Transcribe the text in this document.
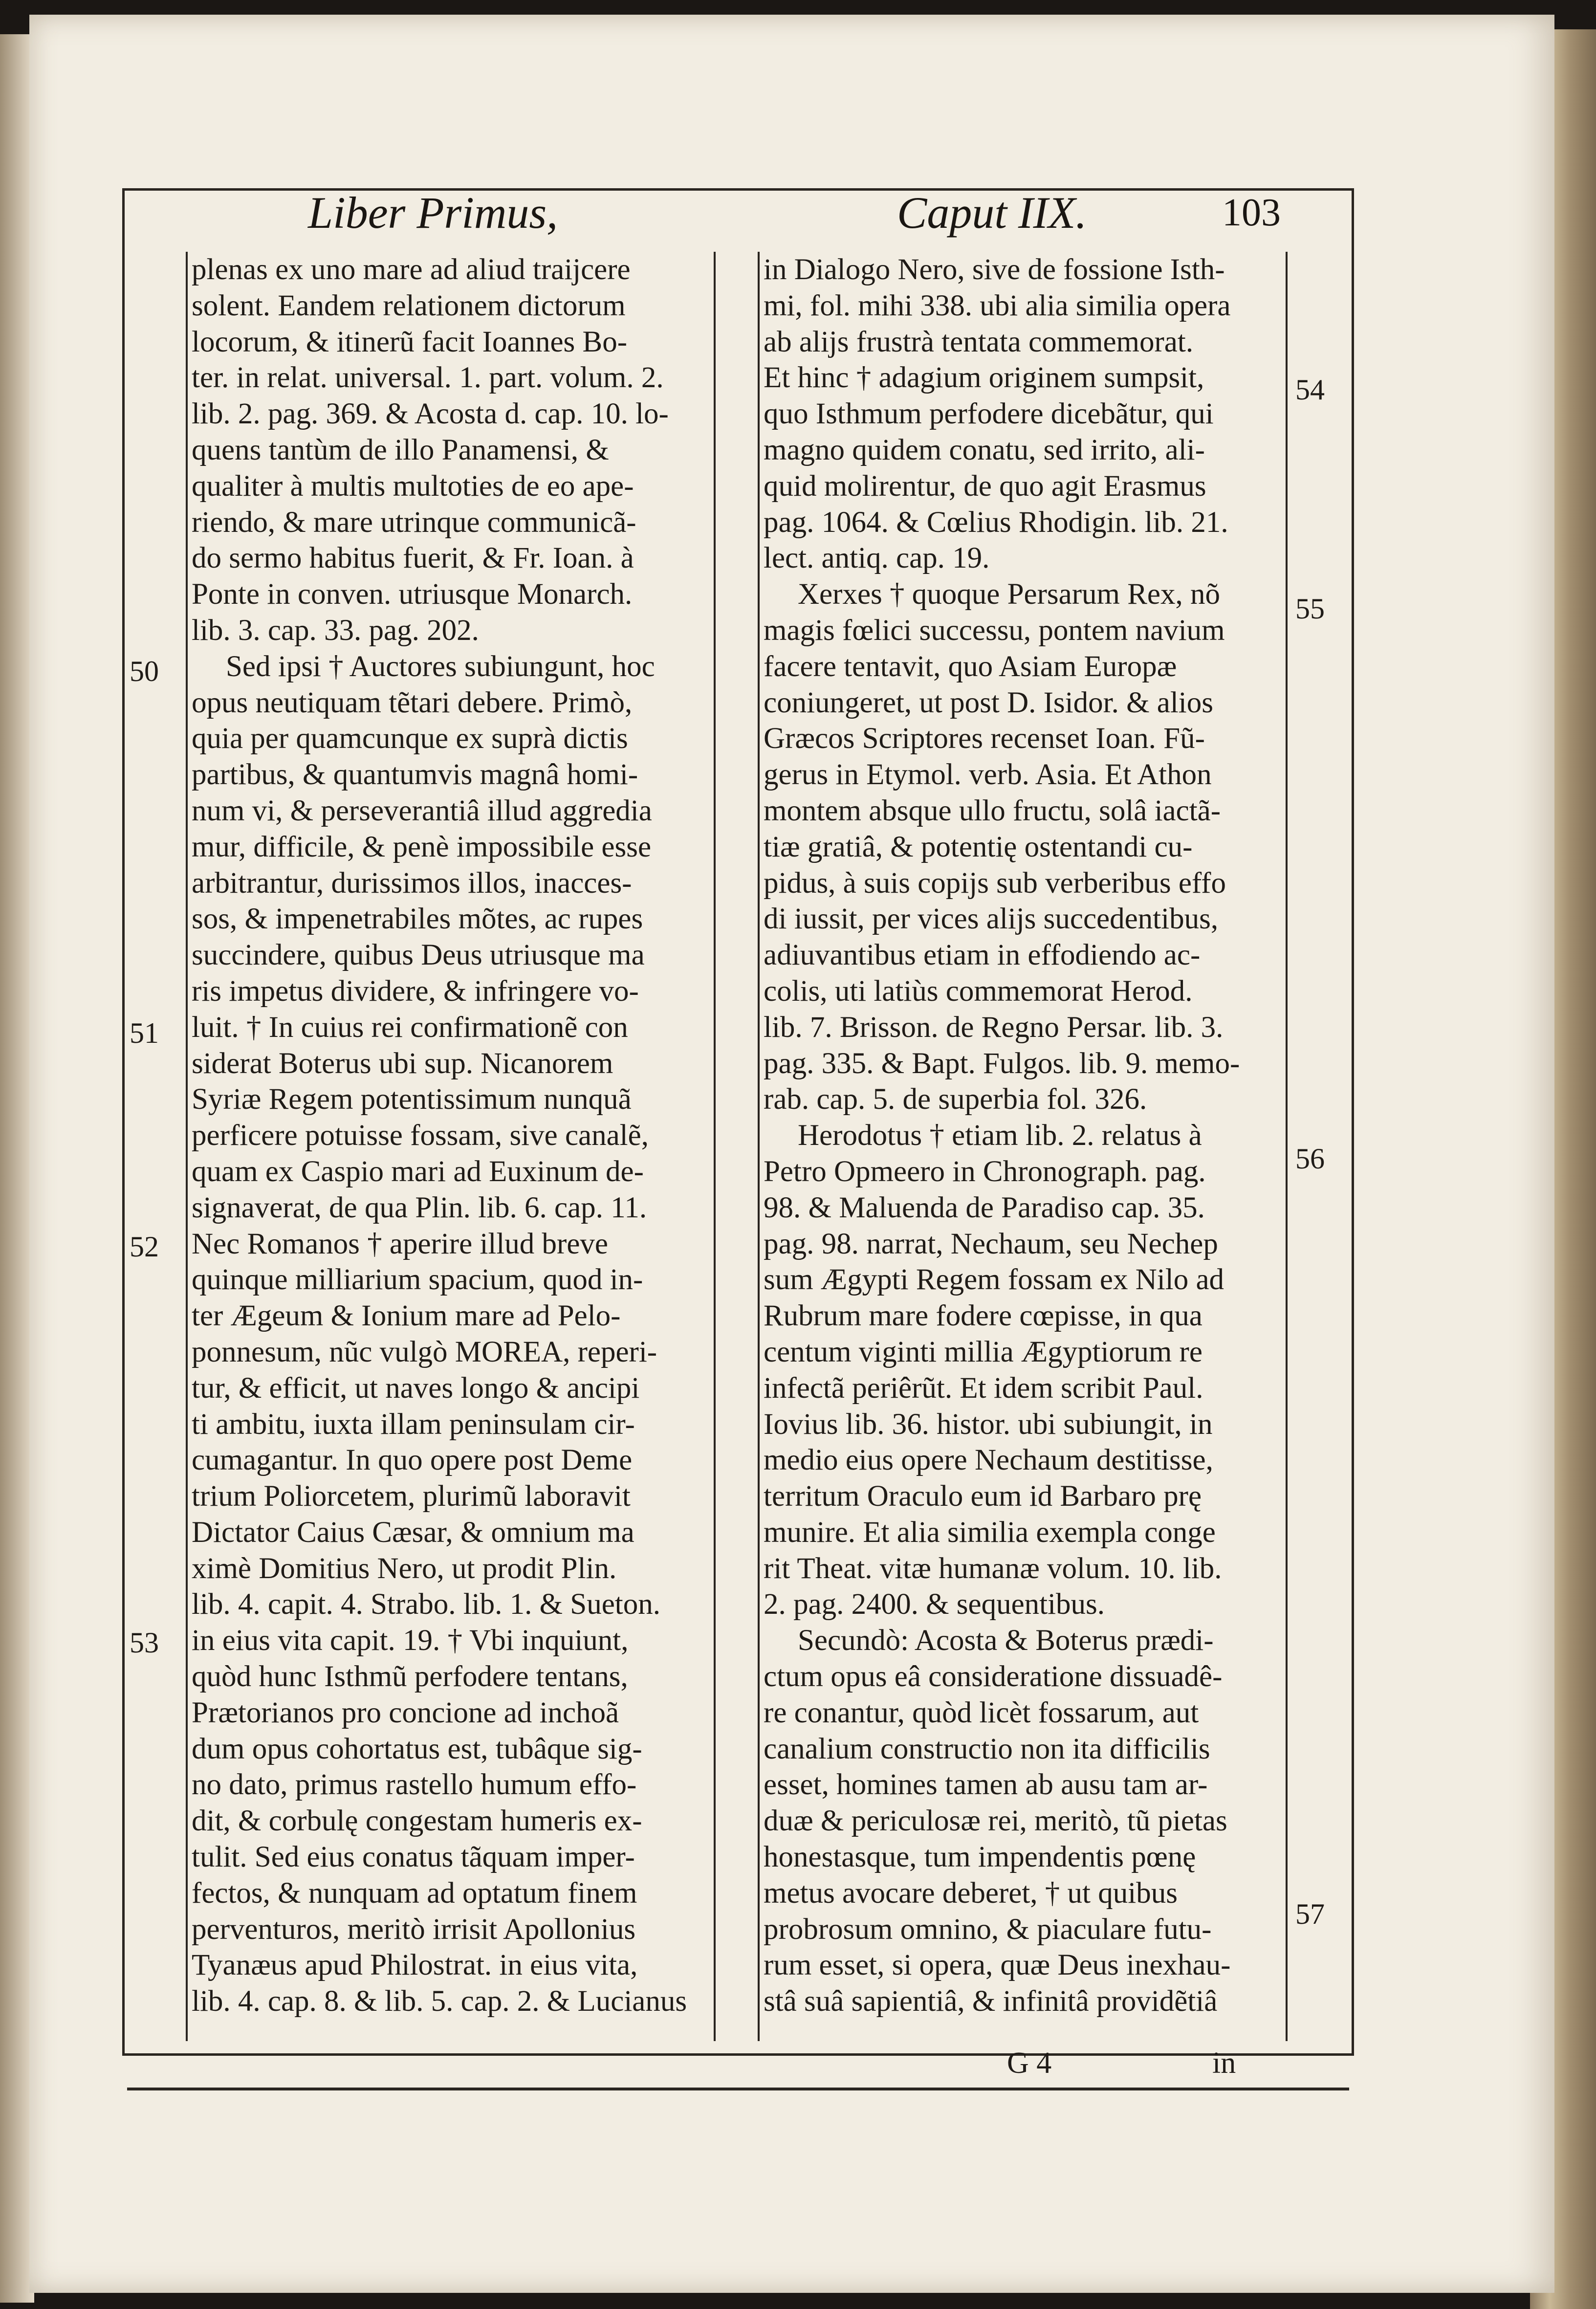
Liber Primus,	Caput IIX.	103
plenas ex uno mare ad aliud traijcere
solent. Eandem relationem dictorum
locorum, & itinerũ facit Ioannes Bo-
ter. in relat. universal. 1. part. volum. 2.
lib. 2. pag. 369. & Acosta d. cap. 10. lo-
quens tantùm de illo Panamensi, &
qualiter à multis multoties de eo ape-
riendo, & mare utrinque communicã-
do sermo habitus fuerit, & Fr. Ioan. à
Ponte in conven. utriusque Monarch.
lib. 3. cap. 33. pag. 202.
Sed ipsi † Auctores subiungunt, hoc
opus neutiquam tẽtari debere. Primò,
quia per quamcunque ex suprà dictis
partibus, & quantumvis magnâ homi-
num vi, & perseverantiâ illud aggredia
mur, difficile, & penè impossibile esse
arbitrantur, durissimos illos, inacces-
sos, & impenetrabiles mõtes, ac rupes
succindere, quibus Deus utriusque ma
ris impetus dividere, & infringere vo-
luit. † In cuius rei confirmationẽ con
siderat Boterus ubi sup. Nicanorem
Syriæ Regem potentissimum nunquã
perficere potuisse fossam, sive canalẽ,
quam ex Caspio mari ad Euxinum de-
signaverat, de qua Plin. lib. 6. cap. 11.
Nec Romanos † aperire illud breve
quinque milliarium spacium, quod in-
ter Ægeum & Ionium mare ad Pelo-
ponnesum, nũc vulgò MOREA, reperi-
tur, & efficit, ut naves longo & ancipi
ti ambitu, iuxta illam peninsulam cir-
cumagantur. In quo opere post Deme
trium Poliorcetem, plurimũ laboravit
Dictator Caius Cæsar, & omnium ma
ximè Domitius Nero, ut prodit Plin.
lib. 4. capit. 4. Strabo. lib. 1. & Sueton.
in eius vita capit. 19. † Vbi inquiunt,
quòd hunc Isthmũ perfodere tentans,
Prætorianos pro concione ad inchoã
dum opus cohortatus est, tubâque sig-
no dato, primus rastello humum effo-
dit, & corbulę congestam humeris ex-
tulit. Sed eius conatus tãquam imper-
fectos, & nunquam ad optatum finem
perventuros, meritò irrisit Apollonius
Tyanæus apud Philostrat. in eius vita,
lib. 4. cap. 8. & lib. 5. cap. 2. & Lucianus
in Dialogo Nero, sive de fossione Isth-
mi, fol. mihi 338. ubi alia similia opera
ab alijs frustrà tentata commemorat.
Et hinc † adagium originem sumpsit,
quo Isthmum perfodere dicebãtur, qui
magno quidem conatu, sed irrito, ali-
quid molirentur, de quo agit Erasmus
pag. 1064. & Cœlius Rhodigin. lib. 21.
lect. antiq. cap. 19.
Xerxes † quoque Persarum Rex, nõ
magis fœlici successu, pontem navium
facere tentavit, quo Asiam Europæ
coniungeret, ut post D. Isidor. & alios
Græcos Scriptores recenset Ioan. Fũ-
gerus in Etymol. verb. Asia. Et Athon
montem absque ullo fructu, solâ iactã-
tiæ gratiâ, & potentię ostentandi cu-
pidus, à suis copijs sub verberibus effo
di iussit, per vices alijs succedentibus,
adiuvantibus etiam in effodiendo ac-
colis, uti latiùs commemorat Herod.
lib. 7. Brisson. de Regno Persar. lib. 3.
pag. 335. & Bapt. Fulgos. lib. 9. memo-
rab. cap. 5. de superbia fol. 326.
Herodotus † etiam lib. 2. relatus à
Petro Opmeero in Chronograph. pag.
98. & Maluenda de Paradiso cap. 35.
pag. 98. narrat, Nechaum, seu Nechep
sum Ægypti Regem fossam ex Nilo ad
Rubrum mare fodere cœpisse, in qua
centum viginti millia Ægyptiorum re
infectã periêrũt. Et idem scribit Paul.
Iovius lib. 36. histor. ubi subiungit, in
medio eius opere Nechaum destitisse,
territum Oraculo eum id Barbaro prę
munire. Et alia similia exempla conge
rit Theat. vitæ humanæ volum. 10. lib.
2. pag. 2400. & sequentibus.
Secundò: Acosta & Boterus prædi-
ctum opus eâ consideratione dissuadê-
re conantur, quòd licèt fossarum, aut
canalium constructio non ita difficilis
esset, homines tamen ab ausu tam ar-
duæ & periculosæ rei, meritò, tũ pietas
honestasque, tum impendentis pœnę
metus avocare deberet, † ut quibus
probrosum omnino, & piaculare futu-
rum esset, si opera, quæ Deus inexhau-
stâ suâ sapientiâ, & infinitâ providẽtiâ
50
51
52
53
54
55
56
57
G 4	in
